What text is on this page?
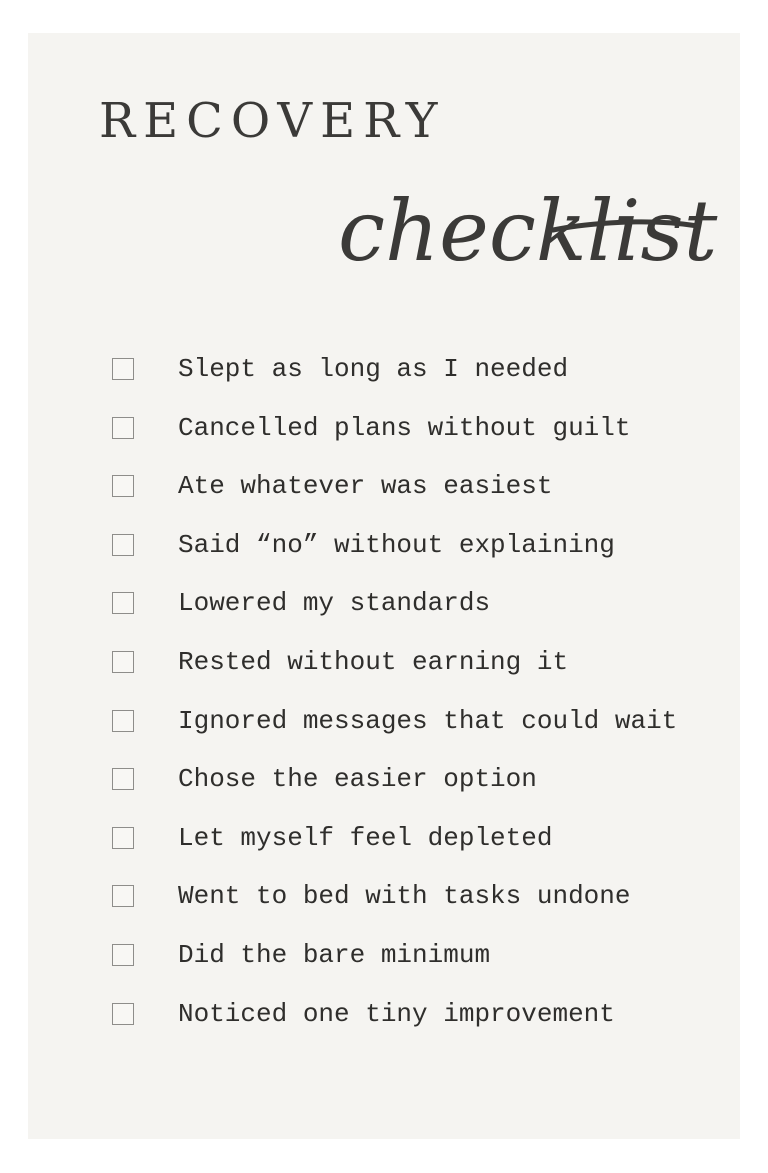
RECOVERY
checklist
Slept as long as I needed
Cancelled plans without guilt
Ate whatever was easiest
Said “no” without explaining
Lowered my standards
Rested without earning it
Ignored messages that could wait
Chose the easier option
Let myself feel depleted
Went to bed with tasks undone
Did the bare minimum
Noticed one tiny improvement
